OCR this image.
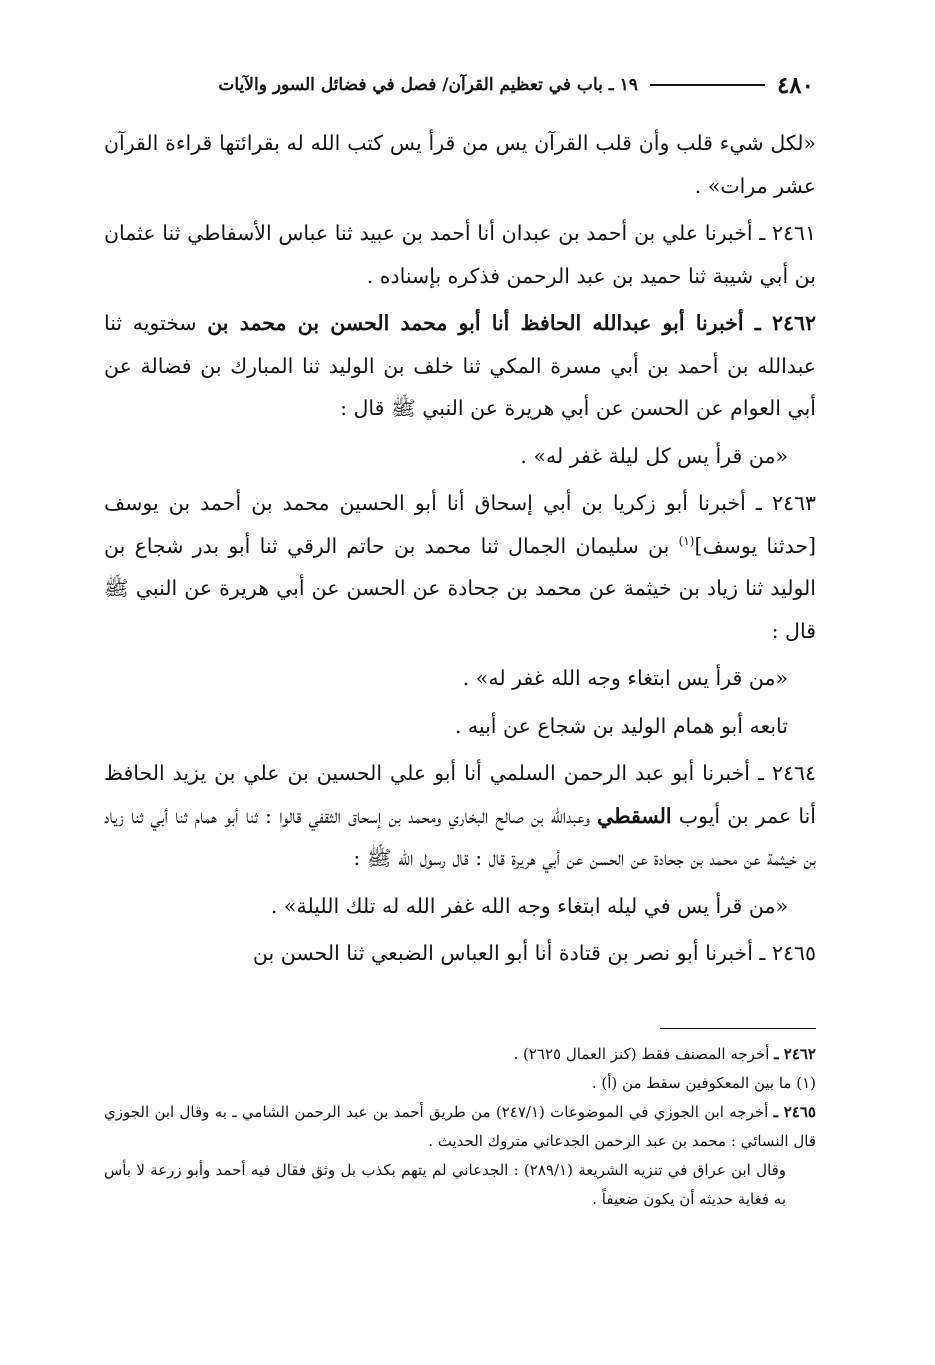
٤٨٠
١٩ ـ باب في تعظيم القرآن/ فصل في فضائل السور والآيات

«لكل شيء قلب وأن قلب القرآن يس من قرأ يس كتب الله له بقرائتها قراءة القرآن عشر مرات» .

٢٤٦١ ـ أخبرنا علي بن أحمد بن عبدان أنا أحمد بن عبيد ثنا عباس الأسفاطي ثنا عثمان بن أبي شيبة ثنا حميد بن عبد الرحمن فذكره بإسناده .

٢٤٦٢ ـ أخبرنا أبو عبدالله الحافظ أنا أبو محمد الحسن بن محمد بن سختويه ثنا عبدالله بن أحمد بن أبي مسرة المكي ثنا خلف بن الوليد ثنا المبارك بن فضالة عن أبي العوام عن الحسن عن أبي هريرة عن النبي ﷺ قال :

«من قرأ يس كل ليلة غفر له» .

٢٤٦٣ ـ أخبرنا أبو زكريا بن أبي إسحاق أنا أبو الحسين محمد بن أحمد بن يوسف [حدثنا يوسف]$^{(١)}$ بن سليمان الجمال ثنا محمد بن حاتم الرقي ثنا أبو بدر شجاع بن الوليد ثنا زياد بن خيثمة عن محمد بن جحادة عن الحسن عن أبي هريرة عن النبي ﷺ قال :

«من قرأ يس ابتغاء وجه الله غفر له» .

تابعه أبو همام الوليد بن شجاع عن أبيه .

٢٤٦٤ ـ أخبرنا أبو عبد الرحمن السلمي أنا أبو علي الحسين بن علي بن يزيد الحافظ أنا عمر بن أيوب السقطي وعبدالله بن صالح البخاري ومحمد بن إسحاق الثقفي قالوا : ثنا أبو همام ثنا أبي ثنا زياد بن خيثمة عن محمد بن جحادة عن الحسن عن أبي هريرة قال : قال رسول الله ﷺ :

«من قرأ يس في ليله ابتغاء وجه الله غفر الله له تلك الليلة» .

٢٤٦٥ ـ أخبرنا أبو نصر بن قتادة أنا أبو العباس الضبعي ثنا الحسن بن

٢٤٦٢ ـ أخرجه المصنف فقط (كنز العمال ٢٦٢٥) .

(١) ما بين المعكوفين سقط من (أ) .

٢٤٦٥ ـ أخرجه ابن الجوزي في الموضوعات (٢٤٧/١) من طريق أحمد بن عبد الرحمن الشامي ـ به وقال ابن الجوزي قال النسائي : محمد بن عبد الرحمن الجدعاني متروك الحديث .

وقال ابن عراق في تنزيه الشريعة (٢٨٩/١) : الجدعاني لم يتهم بكذب بل وثق فقال فيه أحمد وأبو زرعة لا بأس به فغاية حديثه أن يكون ضعيفاً .
